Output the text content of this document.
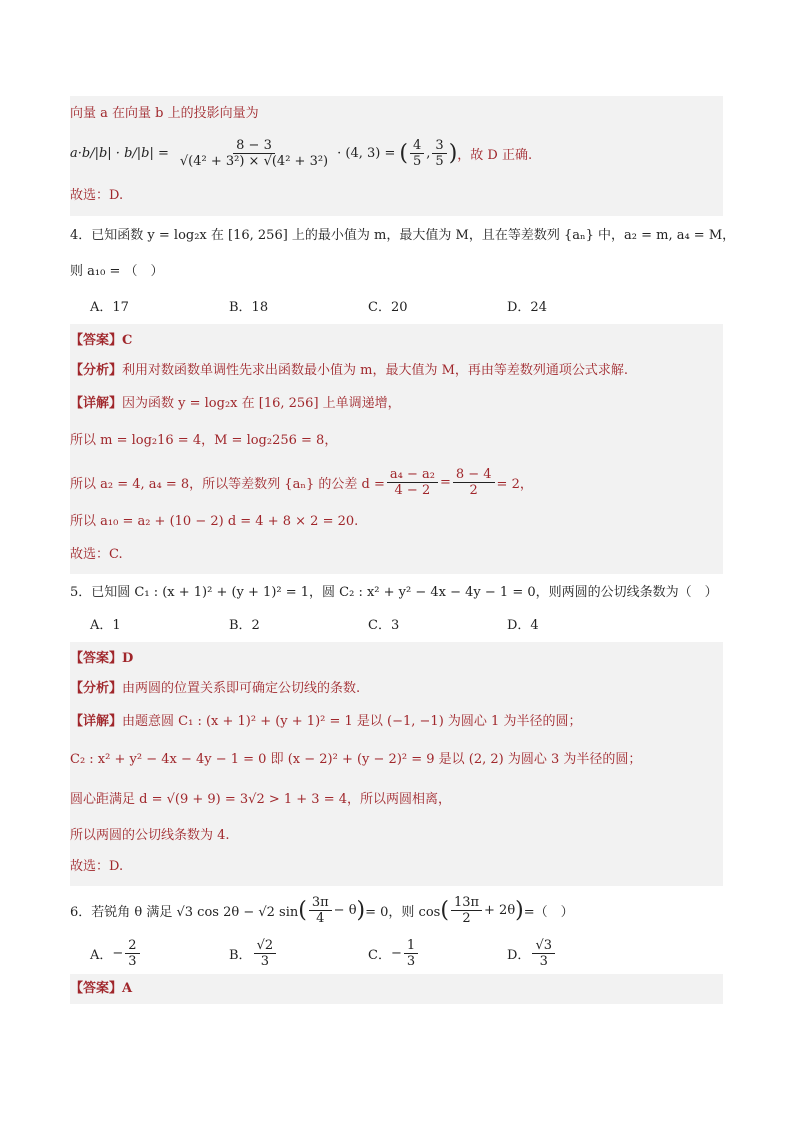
向量 a 在向量 b 上的投影向量为
$a\cdot b/|b| \cdot b/|b| = \frac{8 - 3}{\text{√(4² + 3²) × √(4² + 3²)}} \cdot (4$, 3) = ( $\frac{4}{5}$ , $\frac{3}{5}$ ) ，故 D 正确.
故选：D.
4．已知函数 y = log₂x 在 [16, 256] 上的最小值为 m，最大值为 M，且在等差数列 {aₙ} 中，a₂ = m, a₄ = M，
则 a₁₀ = （　）
A．17	B．18	C．20	D．24
【答案】C
【分析】利用对数函数单调性先求出函数最小值为 m，最大值为 M，再由等差数列通项公式求解.
【详解】因为函数 y = log₂x 在 [16, 256] 上单调递增，
所以 m = log₂16 = 4，M = log₂256 = 8，
所以 a₂ = 4, a₄ = 8，所以等差数列 {aₙ} 的公差 $d = \frac{\text{a₄ − a₂}}{4 - 2} = \frac{8 - 4}{2} = 2$，
所以 a₁₀ = a₂ + (10 − 2) d = 4 + 8 × 2 = 20.
故选：C.
5．已知圆 C₁ : (x + 1)² + (y + 1)² = 1，圆 C₂ : x² + y² − 4x − 4y − 1 = 0，则两圆的公切线条数为（　）
A．1	B．2	C．3	D．4
【答案】D
【分析】由两圆的位置关系即可确定公切线的条数.
【详解】由题意圆 C₁ : (x + 1)² + (y + 1)² = 1 是以 (−1, −1) 为圆心 1 为半径的圆；
C₂ : x² + y² − 4x − 4y − 1 = 0 即 (x − 2)² + (y − 2)² = 9 是以 (2, 2) 为圆心 3 为半径的圆；
圆心距满足 d = √(9 + 9) = 3√2 > 1 + 3 = 4，所以两圆相离，
所以两圆的公切线条数为 4.
故选：D.
6．若锐角 θ 满足 √3 cos 2θ − √2 sin ( $\frac{3\pi}{4} - \theta$ ) = 0，则 cos ( $\frac{13\pi}{2} + 2\theta$ ) =（　）
A． − $\frac{2}{3}$	B． $\frac{√2}{3}$	C． − $\frac{1}{3}$	D． $\frac{√3}{3}$
【答案】A
